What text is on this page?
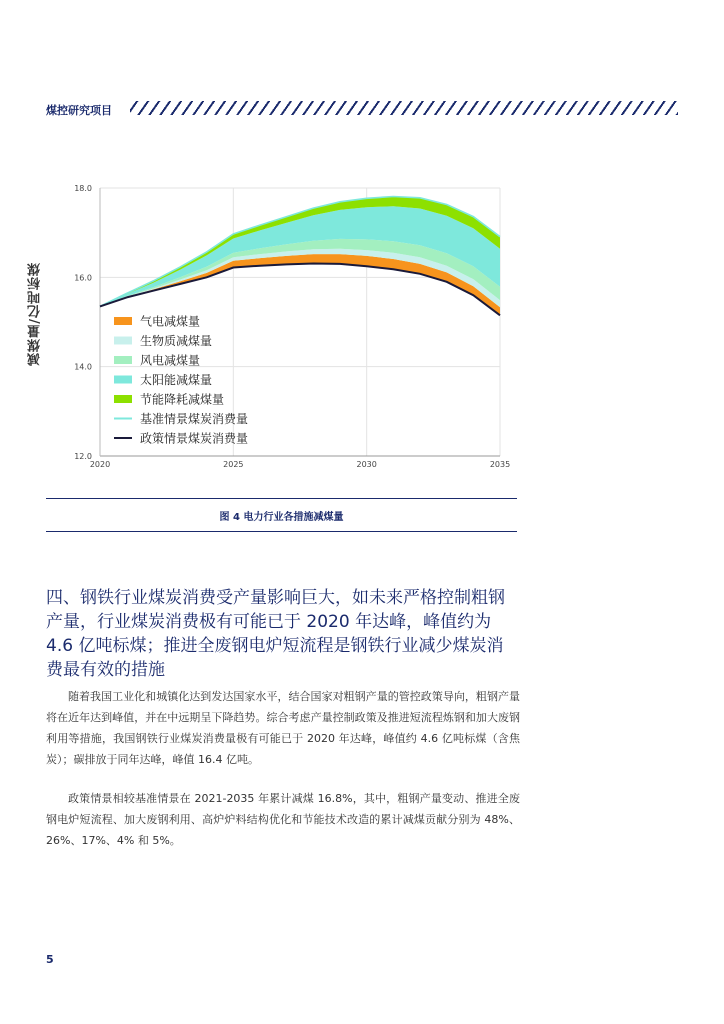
煤控研究项目
减煤量/亿吨标煤
12.0
14.0
16.0
18.0
2020	2025	2030	2035
气电减煤量
生物质减煤量
风电减煤量
太阳能减煤量
节能降耗减煤量
基准情景煤炭消费量
政策情景煤炭消费量
图 4 电力行业各措施减煤量
四、钢铁行业煤炭消费受产量影响巨大，如未来严格控制粗钢产量，行业煤炭消费极有可能已于 2020 年达峰，峰值约为 4.6 亿吨标煤；推进全废钢电炉短流程是钢铁行业减少煤炭消费最有效的措施
随着我国工业化和城镇化达到发达国家水平，结合国家对粗钢产量的管控政策导向，粗钢产量将在近年达到峰值，并在中远期呈下降趋势。综合考虑产量控制政策及推进短流程炼钢和加大废钢利用等措施，我国钢铁行业煤炭消费量极有可能已于 2020 年达峰，峰值约 4.6 亿吨标煤（含焦炭）；碳排放于同年达峰，峰值 16.4 亿吨。
政策情景相较基准情景在 2021-2035 年累计减煤 16.8%，其中，粗钢产量变动、推进全废钢电炉短流程、加大废钢利用、高炉炉料结构优化和节能技术改造的累计减煤贡献分别为 48%、26%、17%、4% 和 5%。
5
